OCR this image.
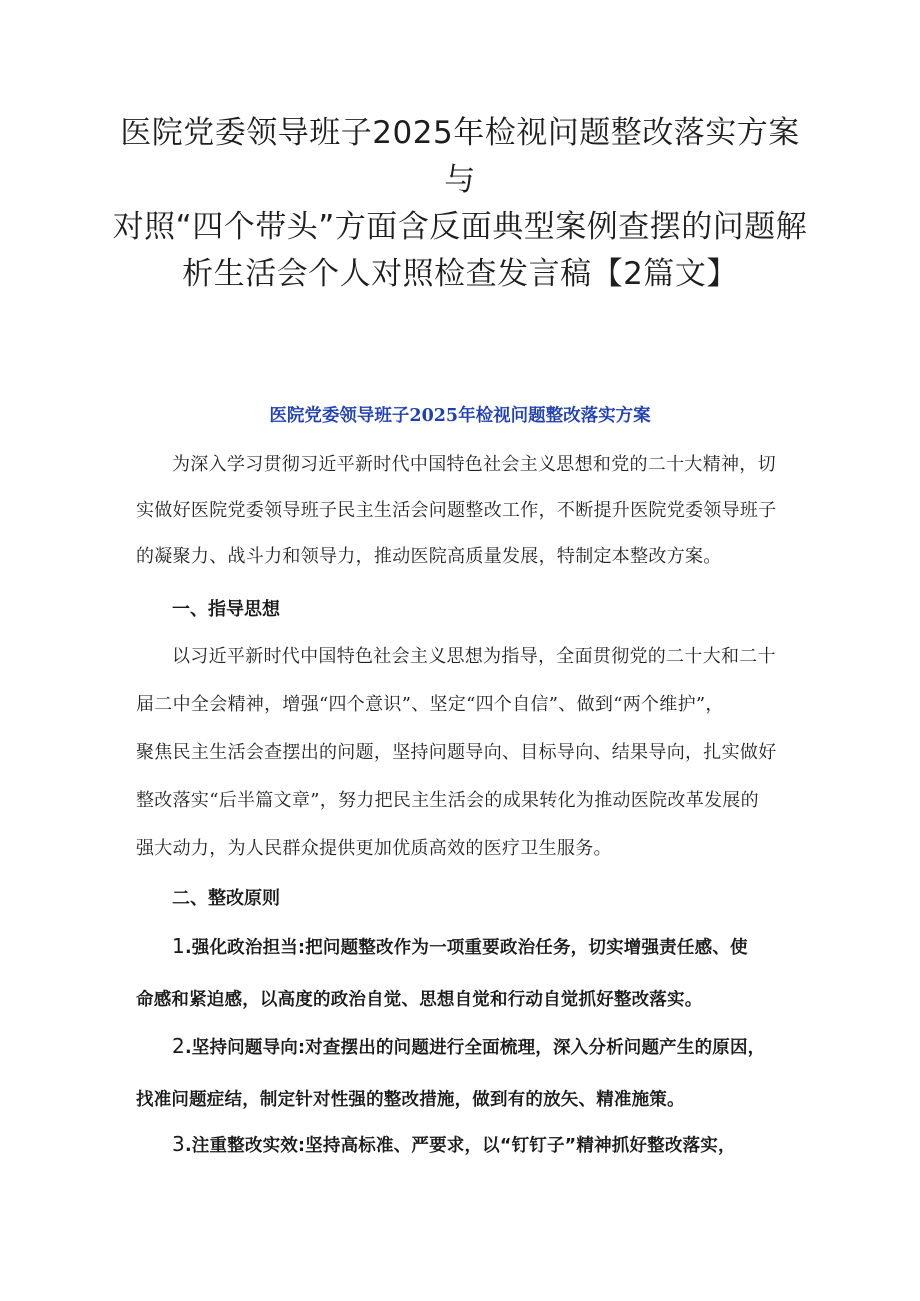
医院党委领导班子2025年检视问题整改落实方案与
对照“四个带头”方面含反面典型案例查摆的问题解
析生活会个人对照检查发言稿【2篇文】
医院党委领导班子2025年检视问题整改落实方案

为深入学习贯彻习近平新时代中国特色社会主义思想和党的二十大精神，切
实做好医院党委领导班子民主生活会问题整改工作，不断提升医院党委领导班子
的凝聚力、战斗力和领导力，推动医院高质量发展，特制定本整改方案。

一、指导思想

以习近平新时代中国特色社会主义思想为指导，全面贯彻党的二十大和二十
届二中全会精神，增强“四个意识”、坚定“四个自信”、做到“两个维护”，
聚焦民主生活会查摆出的问题，坚持问题导向、目标导向、结果导向，扎实做好
整改落实“后半篇文章”，努力把民主生活会的成果转化为推动医院改革发展的
强大动力，为人民群众提供更加优质高效的医疗卫生服务。

二、整改原则

1.强化政治担当:把问题整改作为一项重要政治任务，切实增强责任感、使
命感和紧迫感，以高度的政治自觉、思想自觉和行动自觉抓好整改落实。

2.坚持问题导向:对查摆出的问题进行全面梳理，深入分析问题产生的原因，
找准问题症结，制定针对性强的整改措施，做到有的放矢、精准施策。

3.注重整改实效:坚持高标准、严要求，以“钉钉子”精神抓好整改落实，
